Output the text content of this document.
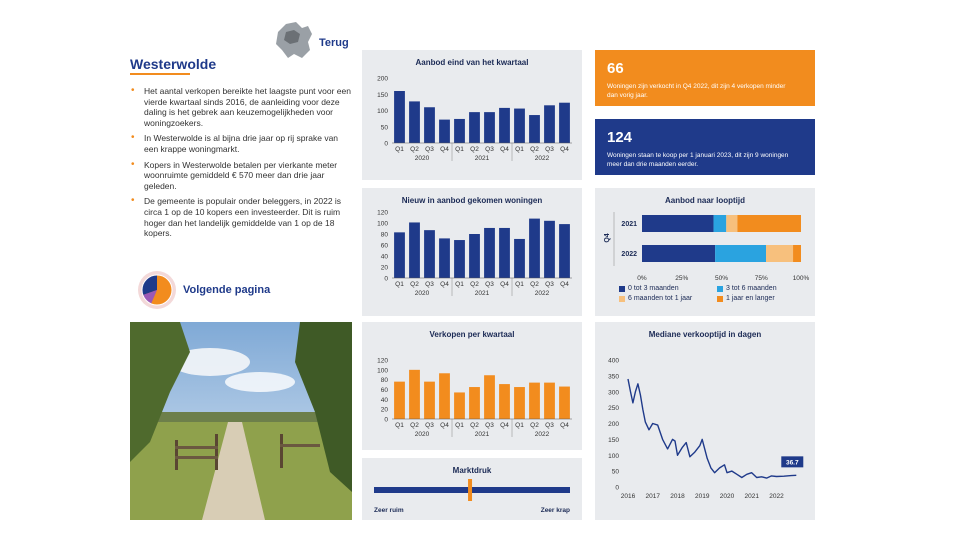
Terug
Westerwolde
• Het aantal verkopen bereikte het laagste punt voor een vierde kwartaal sinds 2016, de aanleiding voor deze daling is het gebrek aan keuzemogelijkheden voor woningzoekers.
• In Westerwolde is al bijna drie jaar op rij sprake van een krappe woningmarkt.
• Kopers in Westerwolde betalen per vierkante meter woonruimte gemiddeld € 570 meer dan drie jaar geleden.
• De gemeente is populair onder beleggers, in 2022 is circa 1 op de 10 kopers een investeerder. Dit is ruim hoger dan het landelijk gemiddelde van 1 op de 18 kopers.
Volgende pagina
Aanbod eind van het kwartaal
0
50
100
150
200
Q1 Q2 Q3 Q4 Q1 Q2 Q3 Q4 Q1 Q2 Q3 Q4
2020	2021	2022
Nieuw in aanbod gekomen woningen
0
20
40
60
80
100
120
Q1 Q2 Q3 Q4 Q1 Q2 Q3 Q4 Q1 Q2 Q3 Q4
2020	2021	2022
Verkopen per kwartaal
0
20
40
60
80
100
120
Q1 Q2 Q3 Q4 Q1 Q2 Q3 Q4 Q1 Q2 Q3 Q4
2020	2021	2022
Marktdruk
Zeer ruim	Zeer krap
66
Woningen zijn verkocht in Q4 2022, dit zijn 4 verkopen minder dan vorig jaar.
124
Woningen staan te koop per 1 januari 2023, dit zijn 9 woningen meer dan drie maanden eerder.
Aanbod naar looptijd
2021
2022
Q4
0%	25%	50%	75%	100%
0 tot 3 maanden	3 tot 6 maanden
6 maanden tot 1 jaar	1 jaar en langer
Mediane verkooptijd in dagen
0
50
100
150
200
250
300
350
400
2016 2017 2018 2019 2020 2021 2022
36.7
